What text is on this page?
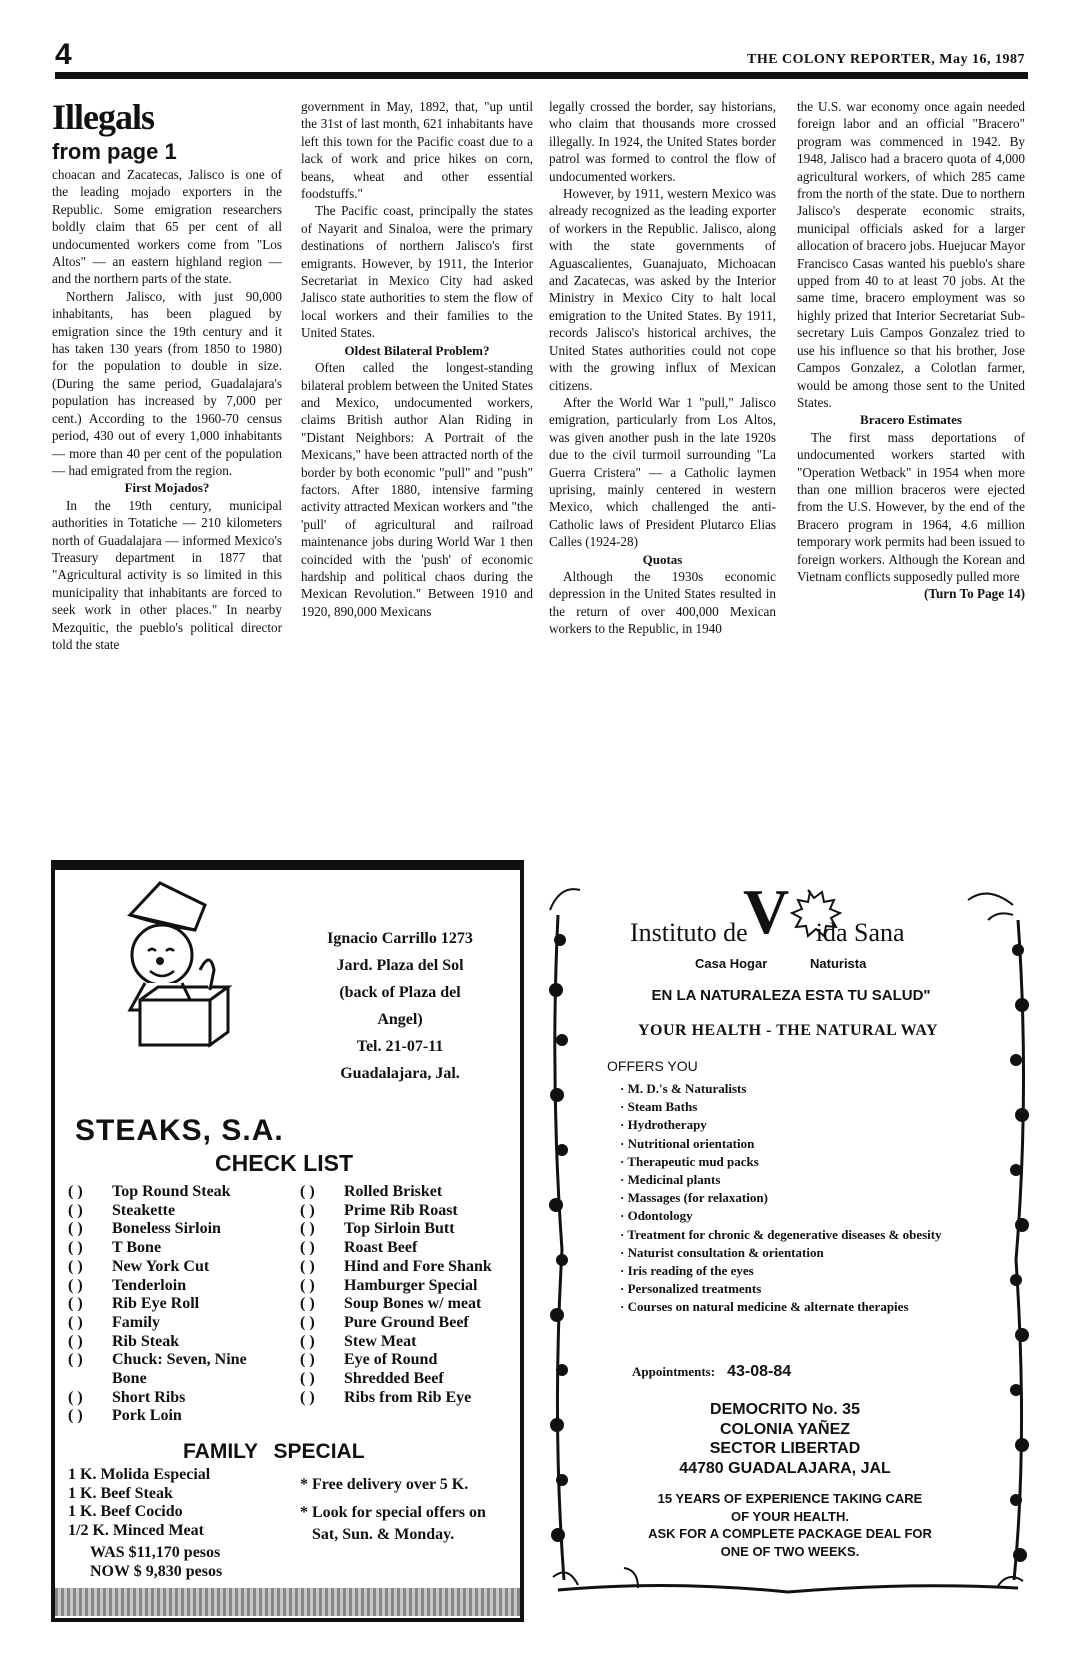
4	THE COLONY REPORTER, May 16, 1987
Illegals
from page 1

choacan and Zacatecas, Jalisco is one of the leading mojado exporters in the Republic. Some emigration researchers boldly claim that 65 per cent of all undocumented workers come from "Los Altos" — an eastern highland region — and the northern parts of the state.

Northern Jalisco, with just 90,000 inhabitants, has been plagued by emigration since the 19th century and it has taken 130 years (from 1850 to 1980) for the population to double in size. (During the same period, Guadalajara's population has increased by 7,000 per cent.) According to the 1960-70 census period, 430 out of every 1,000 inhabitants — more than 40 per cent of the population — had emigrated from the region.

First Mojados?

In the 19th century, municipal authorities in Totatiche — 210 kilometers north of Guadalajara — informed Mexico's Treasury department in 1877 that "Agricultural activity is so limited in this municipality that inhabitants are forced to seek work in other places." In nearby Mezquitic, the pueblo's political director told the state

government in May, 1892, that, "up until the 31st of last month, 621 inhabitants have left this town for the Pacific coast due to a lack of work and price hikes on corn, beans, wheat and other essential foodstuffs."

The Pacific coast, principally the states of Nayarit and Sinaloa, were the primary destinations of northern Jalisco's first emigrants. However, by 1911, the Interior Secretariat in Mexico City had asked Jalisco state authorities to stem the flow of local workers and their families to the United States.

Oldest Bilateral Problem?

Often called the longest-standing bilateral problem between the United States and Mexico, undocumented workers, claims British author Alan Riding in "Distant Neighbors: A Portrait of the Mexicans," have been attracted north of the border by both economic "pull" and "push" factors. After 1880, intensive farming activity attracted Mexican workers and "the 'pull' of agricultural and railroad maintenance jobs during World War 1 then coincided with the 'push' of economic hardship and political chaos during the Mexican Revolution." Between 1910 and 1920, 890,000 Mexicans

legally crossed the border, say historians, who claim that thousands more crossed illegally. In 1924, the United States border patrol was formed to control the flow of undocumented workers.

However, by 1911, western Mexico was already recognized as the leading exporter of workers in the Republic. Jalisco, along with the state governments of Aguascalientes, Guanajuato, Michoacan and Zacatecas, was asked by the Interior Ministry in Mexico City to halt local emigration to the United States. By 1911, records Jalisco's historical archives, the United States authorities could not cope with the growing influx of Mexican citizens.

After the World War 1 "pull," Jalisco emigration, particularly from Los Altos, was given another push in the late 1920s due to the civil turmoil surrounding "La Guerra Cristera" — a Catholic laymen uprising, mainly centered in western Mexico, which challenged the anti-Catholic laws of President Plutarco Elias Calles (1924-28)

Quotas

Although the 1930s economic depression in the United States resulted in the return of over 400,000 Mexican workers to the Republic, in 1940

the U.S. war economy once again needed foreign labor and an official "Bracero" program was commenced in 1942. By 1948, Jalisco had a bracero quota of 4,000 agricultural workers, of which 285 came from the north of the state. Due to northern Jalisco's desperate economic straits, municipal officials asked for a larger allocation of bracero jobs. Huejucar Mayor Francisco Casas wanted his pueblo's share upped from 40 to at least 70 jobs. At the same time, bracero employment was so highly prized that Interior Secretariat Sub-secretary Luis Campos Gonzalez tried to use his influence so that his brother, Jose Campos Gonzalez, a Colotlan farmer, would be among those sent to the United States.

Bracero Estimates

The first mass deportations of undocumented workers started with "Operation Wetback" in 1954 when more than one million braceros were ejected from the U.S. However, by the end of the Bracero program in 1964, 4.6 million temporary work permits had been issued to foreign workers. Although the Korean and Vietnam conflicts supposedly pulled more

(Turn To Page 14)

Ignacio Carrillo 1273
Jard. Plaza del Sol
(back of Plaza del
Angel)
Tel. 21-07-11
Guadalajara, Jal.
STEAKS, S.A.
CHECK LIST
( )	Top Round Steak
( )	Steakette
( )	Boneless Sirloin
( )	T Bone
( )	New York Cut
( )	Tenderloin
( )	Rib Eye Roll
( )	Family
( )	Rib Steak
( )	Chuck: Seven, Nine Bone
( )	Short Ribs
( )	Pork Loin
( )	Rolled Brisket
( )	Prime Rib Roast
( )	Top Sirloin Butt
( )	Roast Beef
( )	Hind and Fore Shank
( )	Hamburger Special
( )	Soup Bones w/ meat
( )	Pure Ground Beef
( )	Stew Meat
( )	Eye of Round
( )	Shredded Beef
( )	Ribs from Rib Eye
FAMILY SPECIAL
1 K. Molida Especial
1 K. Beef Steak
1 K. Beef Cocido
1/2 K. Minced Meat
WAS $11,170 pesos
NOW $ 9,830 pesos
* Free delivery over 5 K.
* Look for special offers on Sat, Sun. & Monday.
Instituto de	ida Sana
V
Casa Hogar	Naturista
EN LA NATURALEZA ESTA TU SALUD"
YOUR HEALTH - THE NATURAL WAY
OFFERS YOU
· M. D.'s & Naturalists
· Steam Baths
· Hydrotherapy
· Nutritional orientation
· Therapeutic mud packs
· Medicinal plants
· Massages (for relaxation)
· Odontology
· Treatment for chronic & degenerative diseases & obesity
· Naturist consultation & orientation
· Iris reading of the eyes
· Personalized treatments
· Courses on natural medicine & alternate therapies
Appointments: 43-08-84
DEMOCRITO No. 35
COLONIA YAÑEZ
SECTOR LIBERTAD
44780 GUADALAJARA, JAL
15 YEARS OF EXPERIENCE TAKING CARE
OF YOUR HEALTH.
ASK FOR A COMPLETE PACKAGE DEAL FOR
ONE OF TWO WEEKS.
